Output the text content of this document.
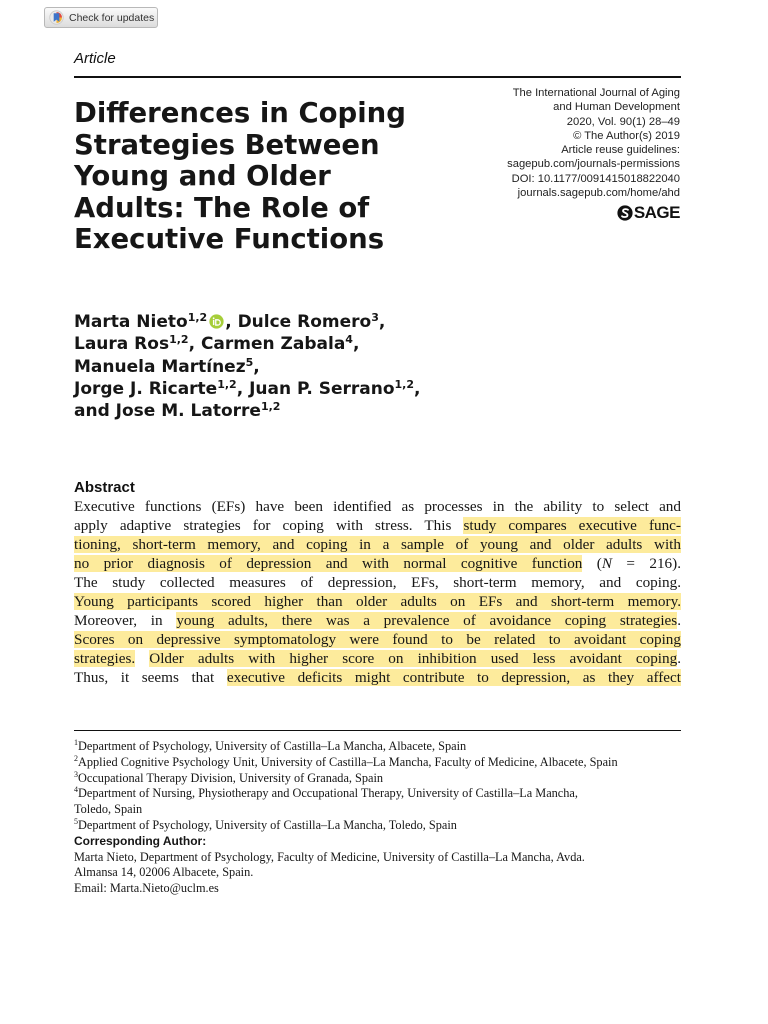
Check for updates
Article
Differences in Coping
Strategies Between
Young and Older
Adults: The Role of
Executive Functions
The International Journal of Aging
and Human Development
2020, Vol. 90(1) 28–49
© The Author(s) 2019
Article reuse guidelines:
sagepub.com/journals-permissions
DOI: 10.1177/0091415018822040
journals.sagepub.com/home/ahd
SAGE
Marta Nieto$^{1,2}$ , Dulce Romero$^3$,
Laura Ros$^{1,2}$, Carmen Zabala$^4$,
Manuela Martínez$^5$,
Jorge J. Ricarte$^{1,2}$, Juan P. Serrano$^{1,2}$,
and Jose M. Latorre$^{1,2}$
Abstract
Executive functions (EFs) have been identified as processes in the ability to select and
apply adaptive strategies for coping with stress. This study compares executive func-
tioning, short-term memory, and coping in a sample of young and older adults with
no prior diagnosis of depression and with normal cognitive function (N = 216).
The study collected measures of depression, EFs, short-term memory, and coping.
Young participants scored higher than older adults on EFs and short-term memory.
Moreover, in young adults, there was a prevalence of avoidance coping strategies.
Scores on depressive symptomatology were found to be related to avoidant coping
strategies. Older adults with higher score on inhibition used less avoidant coping.
Thus, it seems that executive deficits might contribute to depression, as they affect
$^1$Department of Psychology, University of Castilla–La Mancha, Albacete, Spain
$^2$Applied Cognitive Psychology Unit, University of Castilla–La Mancha, Faculty of Medicine, Albacete, Spain
$^3$Occupational Therapy Division, University of Granada, Spain
$^4$Department of Nursing, Physiotherapy and Occupational Therapy, University of Castilla–La Mancha,
Toledo, Spain
$^5$Department of Psychology, University of Castilla–La Mancha, Toledo, Spain
Corresponding Author:
Marta Nieto, Department of Psychology, Faculty of Medicine, University of Castilla–La Mancha, Avda.
Almansa 14, 02006 Albacete, Spain.
Email: Marta.Nieto@uclm.es
